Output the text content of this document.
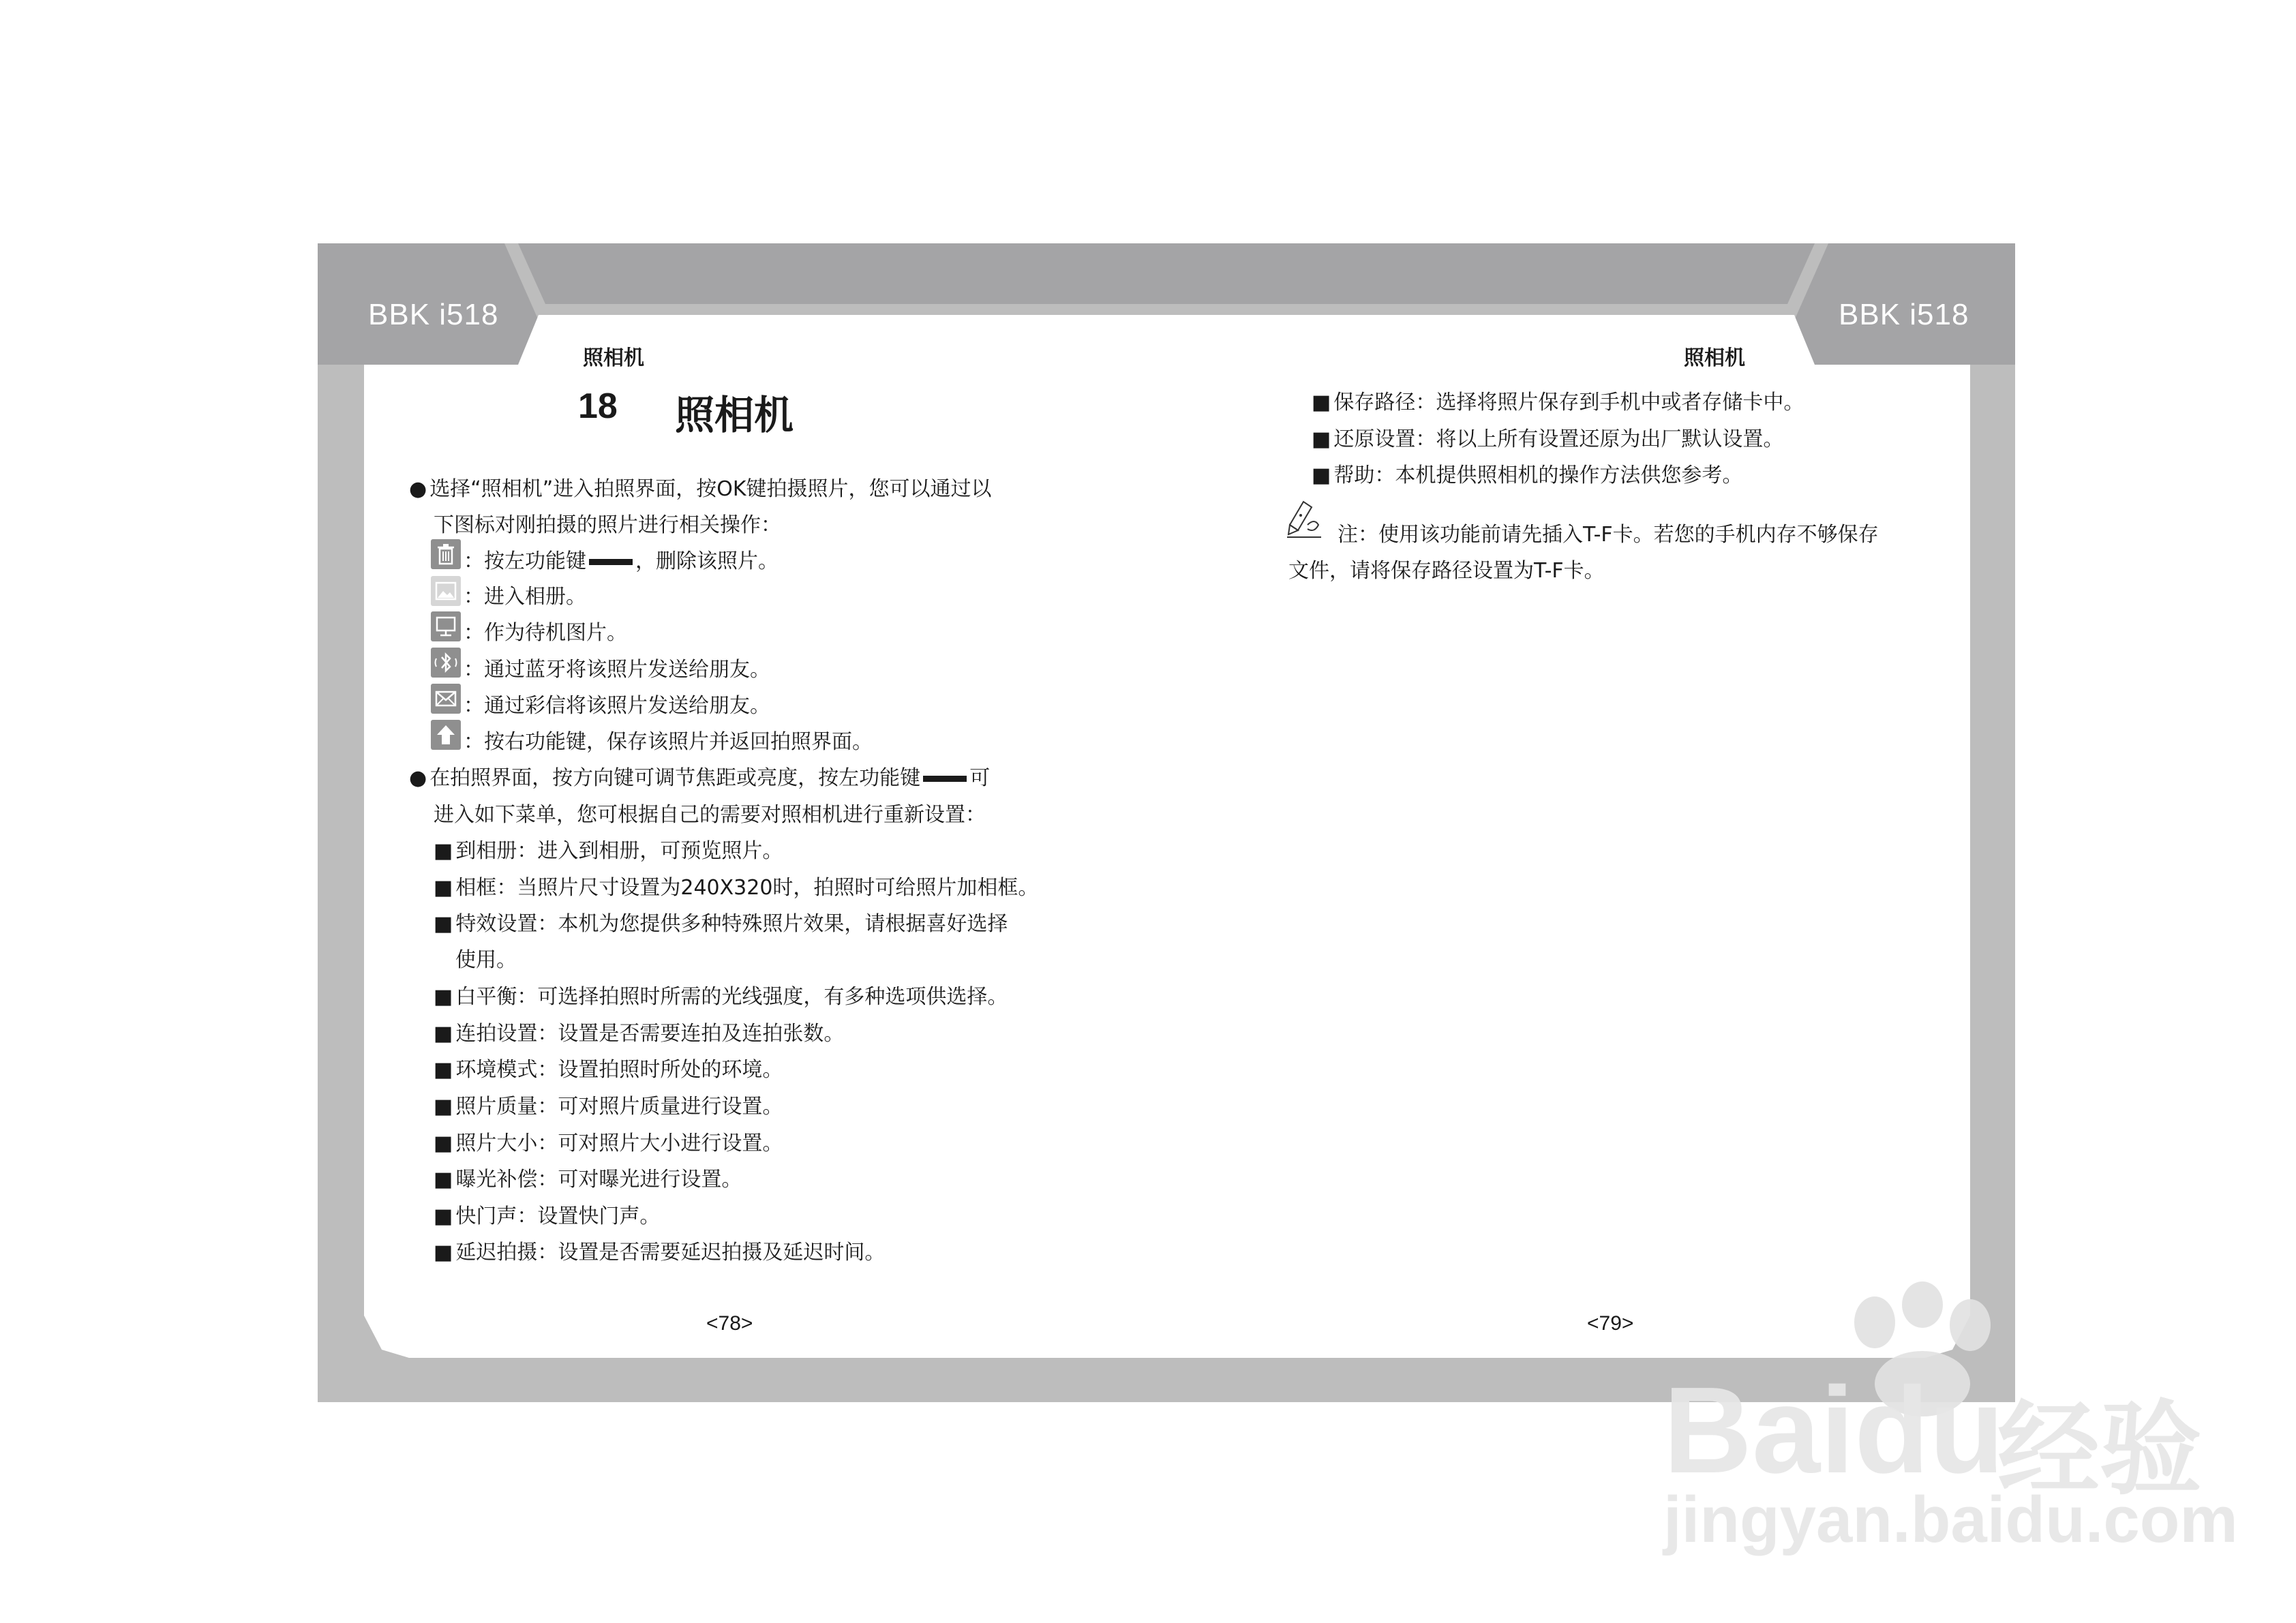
BBK i518	BBK i518
照相机	照相机
18 照相机
● 选择“照相机”进入拍照界面，按OK键拍摄照片，您可以通过以
下图标对刚拍摄的照片进行相关操作：
：按左功能键 ，删除该照片。
：进入相册。
：作为待机图片。
：通过蓝牙将该照片发送给朋友。
：通过彩信将该照片发送给朋友。
：按右功能键，保存该照片并返回拍照界面。
● 在拍照界面，按方向键可调节焦距或亮度，按左功能键 可
进入如下菜单，您可根据自己的需要对照相机进行重新设置：
■ 到相册：进入到相册，可预览照片。
■ 相框：当照片尺寸设置为240X320时，拍照时可给照片加相框。
■ 特效设置：本机为您提供多种特殊照片效果，请根据喜好选择
使用。
■ 白平衡：可选择拍照时所需的光线强度，有多种选项供选择。
■ 连拍设置：设置是否需要连拍及连拍张数。
■ 环境模式：设置拍照时所处的环境。
■ 照片质量：可对照片质量进行设置。
■ 照片大小：可对照片大小进行设置。
■ 曝光补偿：可对曝光进行设置。
■ 快门声：设置快门声。
■ 延迟拍摄：设置是否需要延迟拍摄及延迟时间。
<78>
■ 保存路径：选择将照片保存到手机中或者存储卡中。
■ 还原设置：将以上所有设置还原为出厂默认设置。
■ 帮助：本机提供照相机的操作方法供您参考。
注：使用该功能前请先插入T-F卡。若您的手机内存不够保存
文件，请将保存路径设置为T-F卡。
<79>
Baidu
经验
jingyan.baidu.com
